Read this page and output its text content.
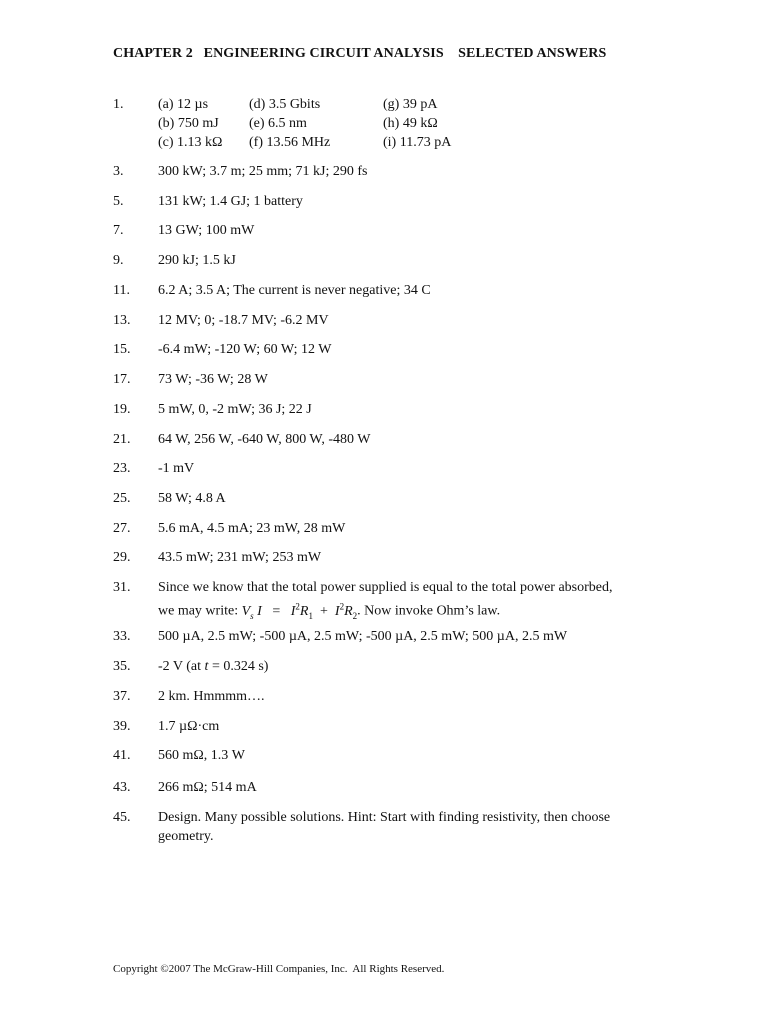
CHAPTER 2   ENGINEERING CIRCUIT ANALYSIS    SELECTED ANSWERS
1.	(a) 12 µs	(d) 3.5 Gbits	(g) 39 pA
(b) 750 mJ (e) 6.5 nm	(h) 49 kΩ
(c) 1.13 kΩ (f) 13.56 MHz	(i) 11.73 pA
3.	300 kW; 3.7 m; 25 mm; 71 kJ; 290 fs
5.	131 kW; 1.4 GJ; 1 battery
7.	13 GW; 100 mW
9.	290 kJ; 1.5 kJ
11.	6.2 A; 3.5 A; The current is never negative; 34 C
13.	12 MV; 0; -18.7 MV; -6.2 MV
15.	-6.4 mW; -120 W; 60 W; 12 W
17.	73 W; -36 W; 28 W
19.	5 mW, 0, -2 mW; 36 J; 22 J
21.	64 W, 256 W, -640 W, 800 W, -480 W
23.	-1 mV
25.	58 W; 4.8 A
27.	5.6 mA, 4.5 mA; 23 mW, 28 mW
29.	43.5 mW; 231 mW; 253 mW
31.	Since we know that the total power supplied is equal to the total power absorbed,
we may write: $V_s$ $I = I^2R_1 + I^2R_2$. Now invoke Ohm’s law.
33.	500 µA, 2.5 mW; -500 µA, 2.5 mW; -500 µA, 2.5 mW; 500 µA, 2.5 mW
35.	-2 V (at t = 0.324 s)
37.	2 km. Hmmmm….
39.	1.7 µΩ·cm
41.	560 mΩ, 1.3 W
43.	266 mΩ; 514 mA
45.	Design. Many possible solutions. Hint: Start with finding resistivity, then choose
geometry.
Copyright ©2007 The McGraw-Hill Companies, Inc.  All Rights Reserved.
